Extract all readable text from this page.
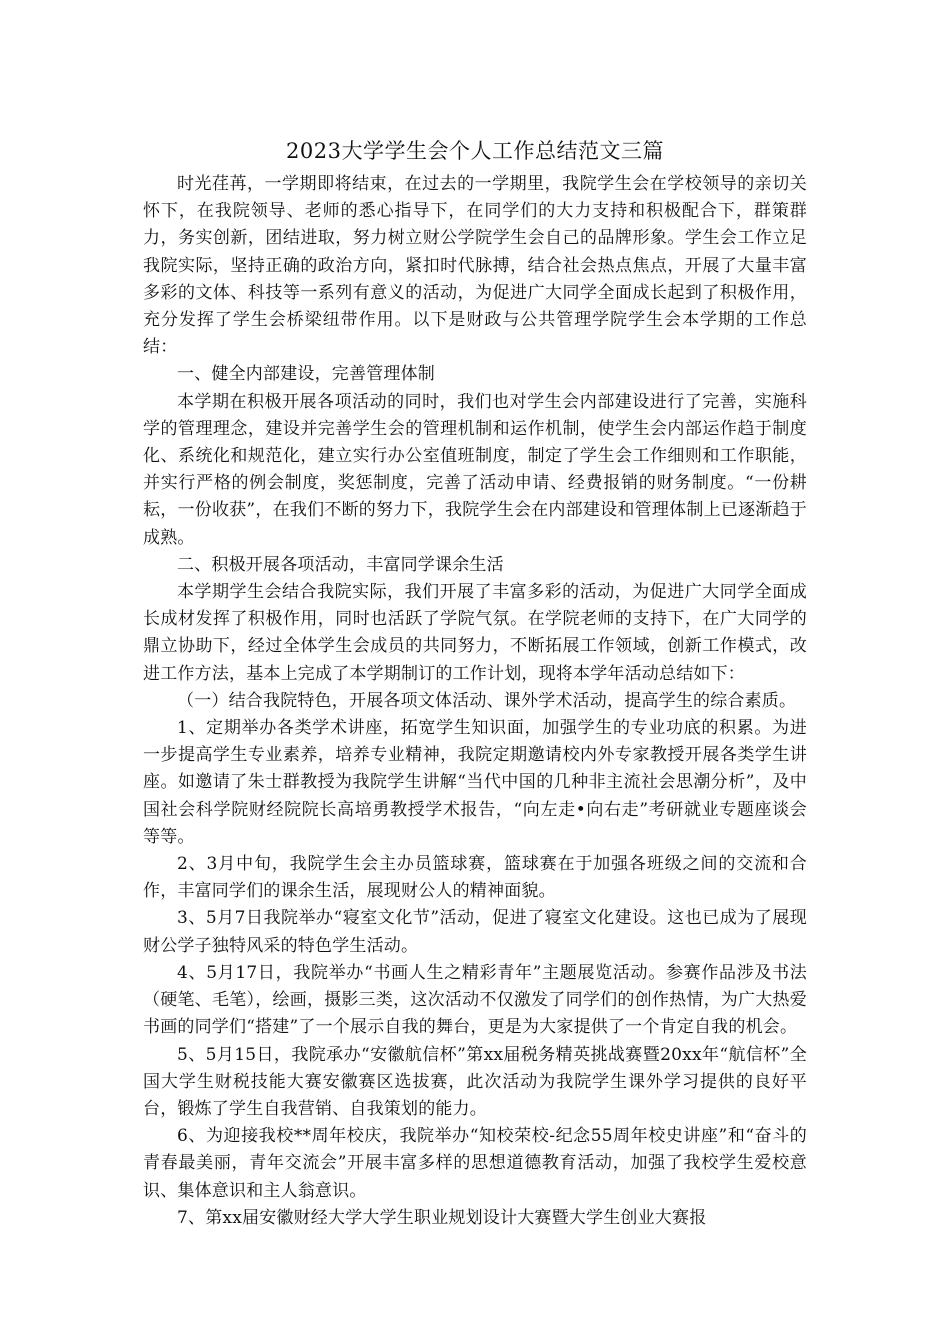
2023大学学生会个人工作总结范文三篇

时光荏苒，一学期即将结束，在过去的一学期里，我院学生会在学校领导的亲切关怀下，在我院领导、老师的悉心指导下，在同学们的大力支持和积极配合下，群策群力，务实创新，团结进取，努力树立财公学院学生会自己的品牌形象。学生会工作立足我院实际，坚持正确的政治方向，紧扣时代脉搏，结合社会热点焦点，开展了大量丰富多彩的文体、科技等一系列有意义的活动，为促进广大同学全面成长起到了积极作用，充分发挥了学生会桥梁纽带作用。以下是财政与公共管理学院学生会本学期的工作总结：

一、健全内部建设，完善管理体制

本学期在积极开展各项活动的同时，我们也对学生会内部建设进行了完善，实施科学的管理理念，建设并完善学生会的管理机制和运作机制，使学生会内部运作趋于制度化、系统化和规范化，建立实行办公室值班制度，制定了学生会工作细则和工作职能，并实行严格的例会制度，奖惩制度，完善了活动申请、经费报销的财务制度。“一份耕耘，一份收获”，在我们不断的努力下，我院学生会在内部建设和管理体制上已逐渐趋于成熟。

二、积极开展各项活动，丰富同学课余生活

本学期学生会结合我院实际，我们开展了丰富多彩的活动，为促进广大同学全面成长成材发挥了积极作用，同时也活跃了学院气氛。在学院老师的支持下，在广大同学的鼎立协助下，经过全体学生会成员的共同努力，不断拓展工作领域，创新工作模式，改进工作方法，基本上完成了本学期制订的工作计划，现将本学年活动总结如下：

（一）结合我院特色，开展各项文体活动、课外学术活动，提高学生的综合素质。

1、定期举办各类学术讲座，拓宽学生知识面，加强学生的专业功底的积累。为进一步提高学生专业素养，培养专业精神，我院定期邀请校内外专家教授开展各类学生讲座。如邀请了朱士群教授为我院学生讲解“当代中国的几种非主流社会思潮分析”，及中国社会科学院财经院院长高培勇教授学术报告，“向左走•向右走”考研就业专题座谈会等等。

2、3月中旬，我院学生会主办员篮球赛，篮球赛在于加强各班级之间的交流和合作，丰富同学们的课余生活，展现财公人的精神面貌。

3、5月7日我院举办“寝室文化节”活动，促进了寝室文化建设。这也已成为了展现财公学子独特风采的特色学生活动。

4、5月17日，我院举办“书画人生之精彩青年”主题展览活动。参赛作品涉及书法（硬笔、毛笔），绘画，摄影三类，这次活动不仅激发了同学们的创作热情，为广大热爱书画的同学们“搭建”了一个展示自我的舞台，更是为大家提供了一个肯定自我的机会。

5、5月15日，我院承办“安徽航信杯”第xx届税务精英挑战赛暨20xx年“航信杯”全国大学生财税技能大赛安徽赛区选拔赛，此次活动为我院学生课外学习提供的良好平台，锻炼了学生自我营销、自我策划的能力。

6、为迎接我校**周年校庆，我院举办“知校荣校-纪念55周年校史讲座”和“奋斗的青春最美丽，青年交流会”开展丰富多样的思想道德教育活动，加强了我校学生爱校意识、集体意识和主人翁意识。

7、第xx届安徽财经大学大学生职业规划设计大赛暨大学生创业大赛报
